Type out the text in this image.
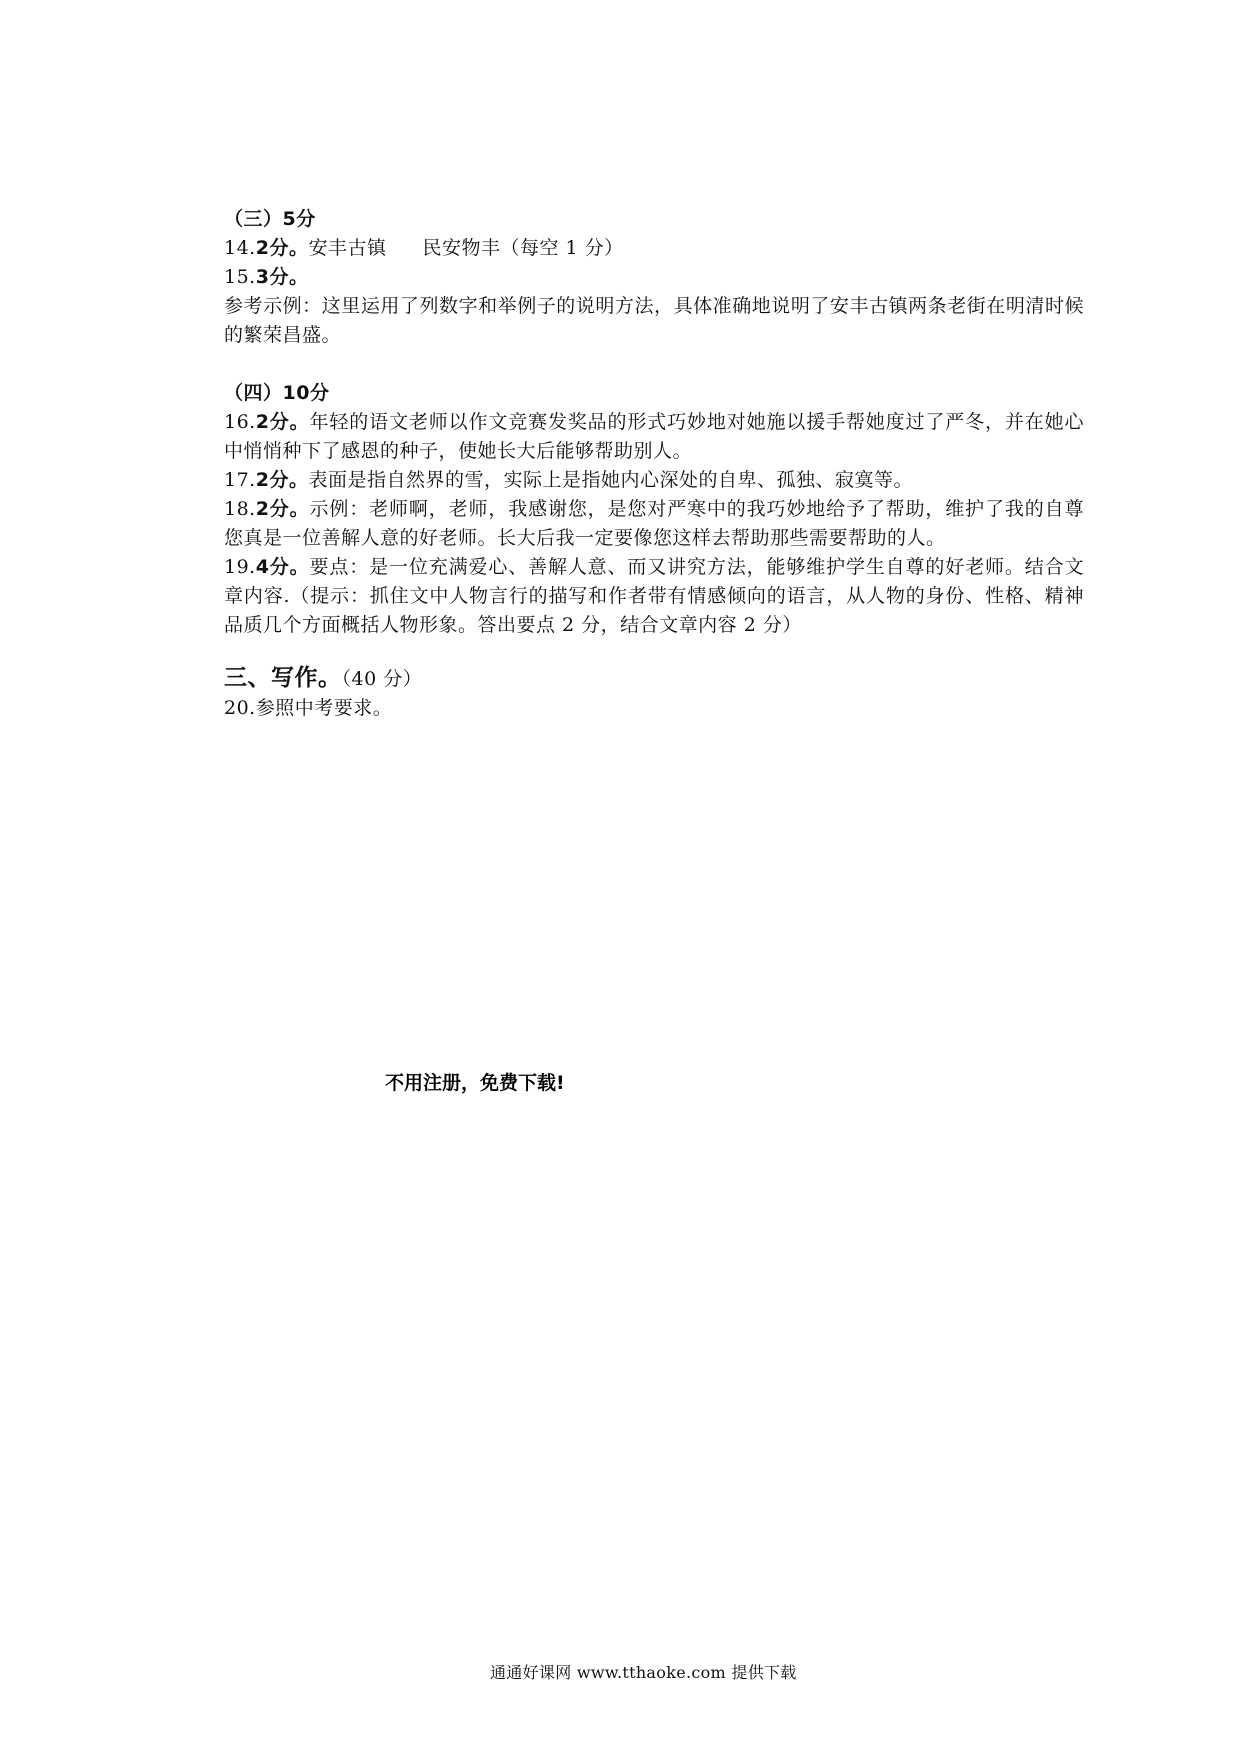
（三）5分
14.2分。安丰古镇 民安物丰（每空 1 分）
15.3分。
参考示例：这里运用了列数字和举例子的说明方法，具体准确地说明了安丰古镇两条老街在明清时候的繁荣昌盛。
（四）10分
16.2分。年轻的语文老师以作文竞赛发奖品的形式巧妙地对她施以援手帮她度过了严冬，并在她心中悄悄种下了感恩的种子，使她长大后能够帮助别人。
17.2分。表面是指自然界的雪，实际上是指她内心深处的自卑、孤独、寂寞等。
18.2分。示例：老师啊，老师，我感谢您，是您对严寒中的我巧妙地给予了帮助，维护了我的自尊您真是一位善解人意的好老师。长大后我一定要像您这样去帮助那些需要帮助的人。
19.4分。要点：是一位充满爱心、善解人意、而又讲究方法，能够维护学生自尊的好老师。结合文章内容.（提示：抓住文中人物言行的描写和作者带有情感倾向的语言，从人物的身份、性格、精神品质几个方面概括人物形象。答出要点 2 分，结合文章内容 2 分）
三、写作。（40 分）
20.参照中考要求。
不用注册，免费下载!
通通好课网 www.tthaoke.com 提供下载
